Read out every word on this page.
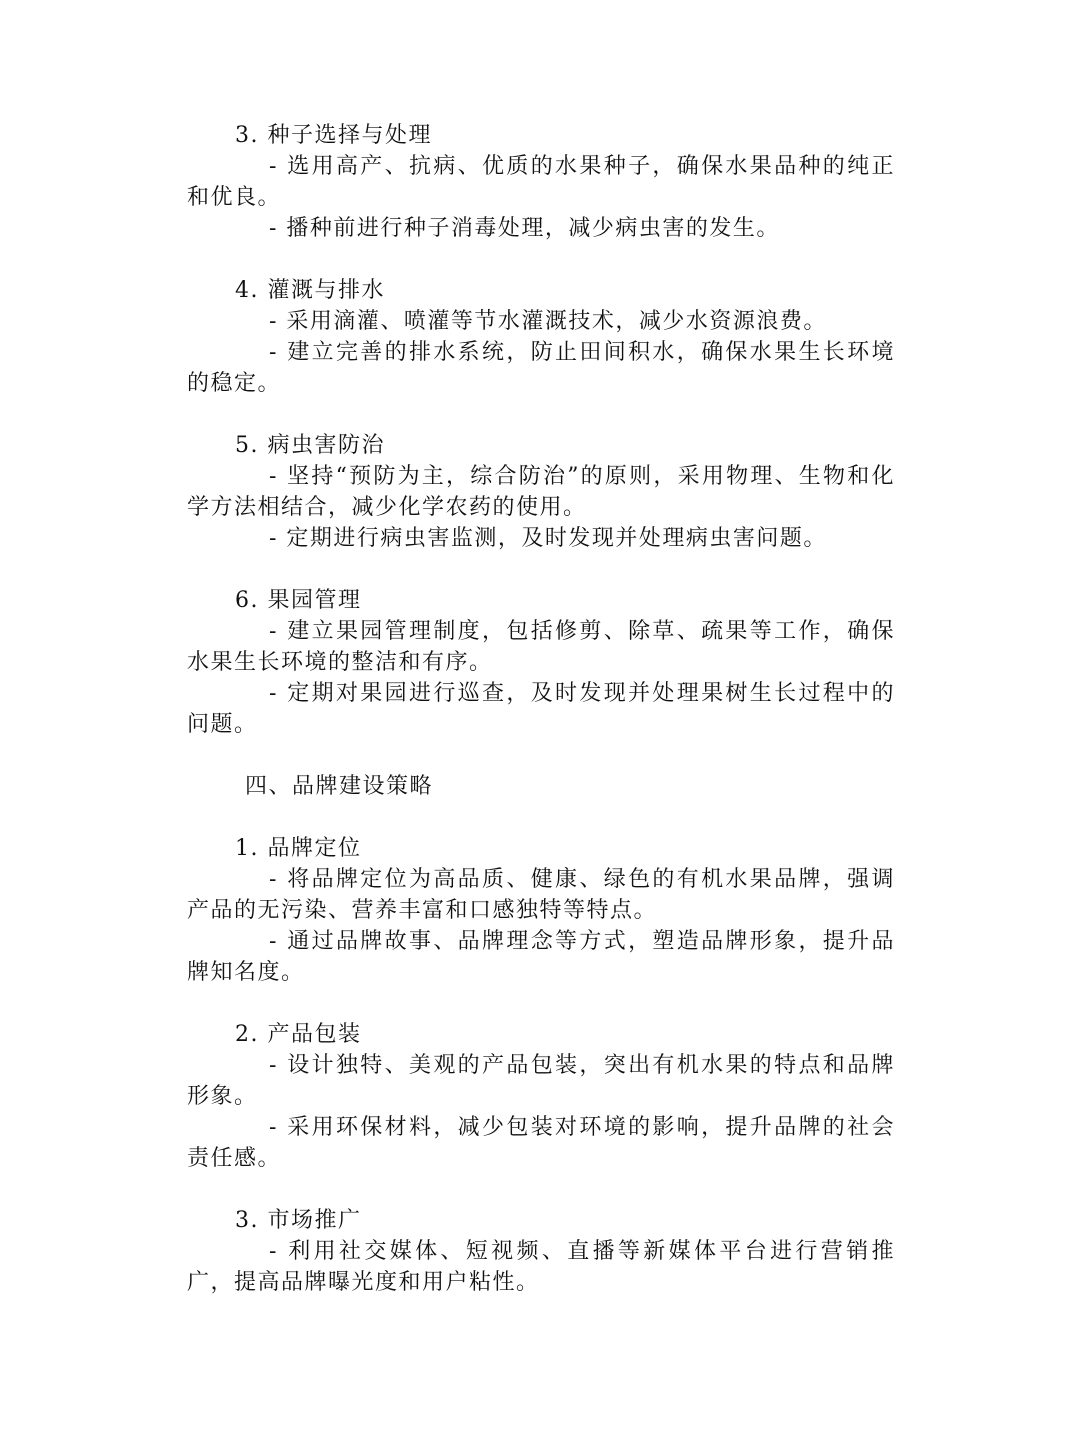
3. 种子选择与处理
- 选用高产、抗病、优质的水果种子，确保水果品种的纯正和优良。
- 播种前进行种子消毒处理，减少病虫害的发生。
4. 灌溉与排水
- 采用滴灌、喷灌等节水灌溉技术，减少水资源浪费。
- 建立完善的排水系统，防止田间积水，确保水果生长环境的稳定。
5. 病虫害防治
- 坚持“预防为主，综合防治”的原则，采用物理、生物和化学方法相结合，减少化学农药的使用。
- 定期进行病虫害监测，及时发现并处理病虫害问题。
6. 果园管理
- 建立果园管理制度，包括修剪、除草、疏果等工作，确保水果生长环境的整洁和有序。
- 定期对果园进行巡查，及时发现并处理果树生长过程中的问题。
四、品牌建设策略
1. 品牌定位
- 将品牌定位为高品质、健康、绿色的有机水果品牌，强调产品的无污染、营养丰富和口感独特等特点。
- 通过品牌故事、品牌理念等方式，塑造品牌形象，提升品牌知名度。
2. 产品包装
- 设计独特、美观的产品包装，突出有机水果的特点和品牌形象。
- 采用环保材料，减少包装对环境的影响，提升品牌的社会责任感。
3. 市场推广
- 利用社交媒体、短视频、直播等新媒体平台进行营销推广，提高品牌曝光度和用户粘性。
